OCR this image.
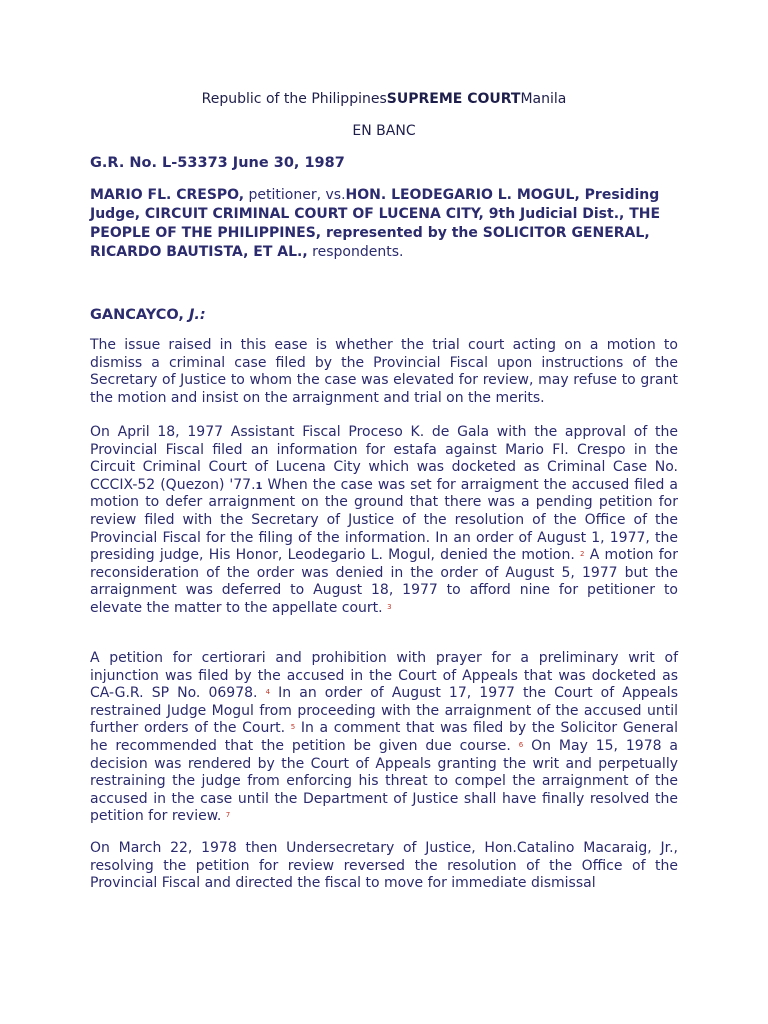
Republic of the PhilippinesSUPREME COURTManila
EN BANC

G.R. No. L-53373 June 30, 1987

MARIO FL. CRESPO, petitioner, vs.HON. LEODEGARIO L. MOGUL, Presiding Judge, CIRCUIT CRIMINAL COURT OF LUCENA CITY, 9th Judicial Dist., THE PEOPLE OF THE PHILIPPINES, represented by the SOLICITOR GENERAL, RICARDO BAUTISTA, ET AL., respondents.

GANCAYCO, J.:

The issue raised in this ease is whether the trial court acting on a motion to dismiss a criminal case filed by the Provincial Fiscal upon instructions of the Secretary of Justice to whom the case was elevated for review, may refuse to grant the motion and insist on the arraignment and trial on the merits.

On April 18, 1977 Assistant Fiscal Proceso K. de Gala with the approval of the Provincial Fiscal filed an information for estafa against Mario Fl. Crespo in the Circuit Criminal Court of Lucena City which was docketed as Criminal Case No. CCCIX-52 (Quezon) '77.1 When the case was set for arraigment the accused filed a motion to defer arraignment on the ground that there was a pending petition for review filed with the Secretary of Justice of the resolution of the Office of the Provincial Fiscal for the filing of the information. In an order of August 1, 1977, the presiding judge, His Honor, Leodegario L. Mogul, denied the motion. $^2$ A motion for reconsideration of the order was denied in the order of August 5, 1977 but the arraignment was deferred to August 18, 1977 to afford nine for petitioner to elevate the matter to the appellate court. $^3$

A petition for certiorari and prohibition with prayer for a preliminary writ of injunction was filed by the accused in the Court of Appeals that was docketed as CA-G.R. SP No. 06978. $^4$ In an order of August 17, 1977 the Court of Appeals restrained Judge Mogul from proceeding with the arraignment of the accused until further orders of the Court. $^5$ In a comment that was filed by the Solicitor General he recommended that the petition be given due course. $^6$ On May 15, 1978 a decision was rendered by the Court of Appeals granting the writ and perpetually restraining the judge from enforcing his threat to compel the arraignment of the accused in the case until the Department of Justice shall have finally resolved the petition for review. $^7$

On March 22, 1978 then Undersecretary of Justice, Hon.Catalino Macaraig, Jr., resolving the petition for review reversed the resolution of the Office of the Provincial Fiscal and directed the fiscal to move for immediate dismissal
